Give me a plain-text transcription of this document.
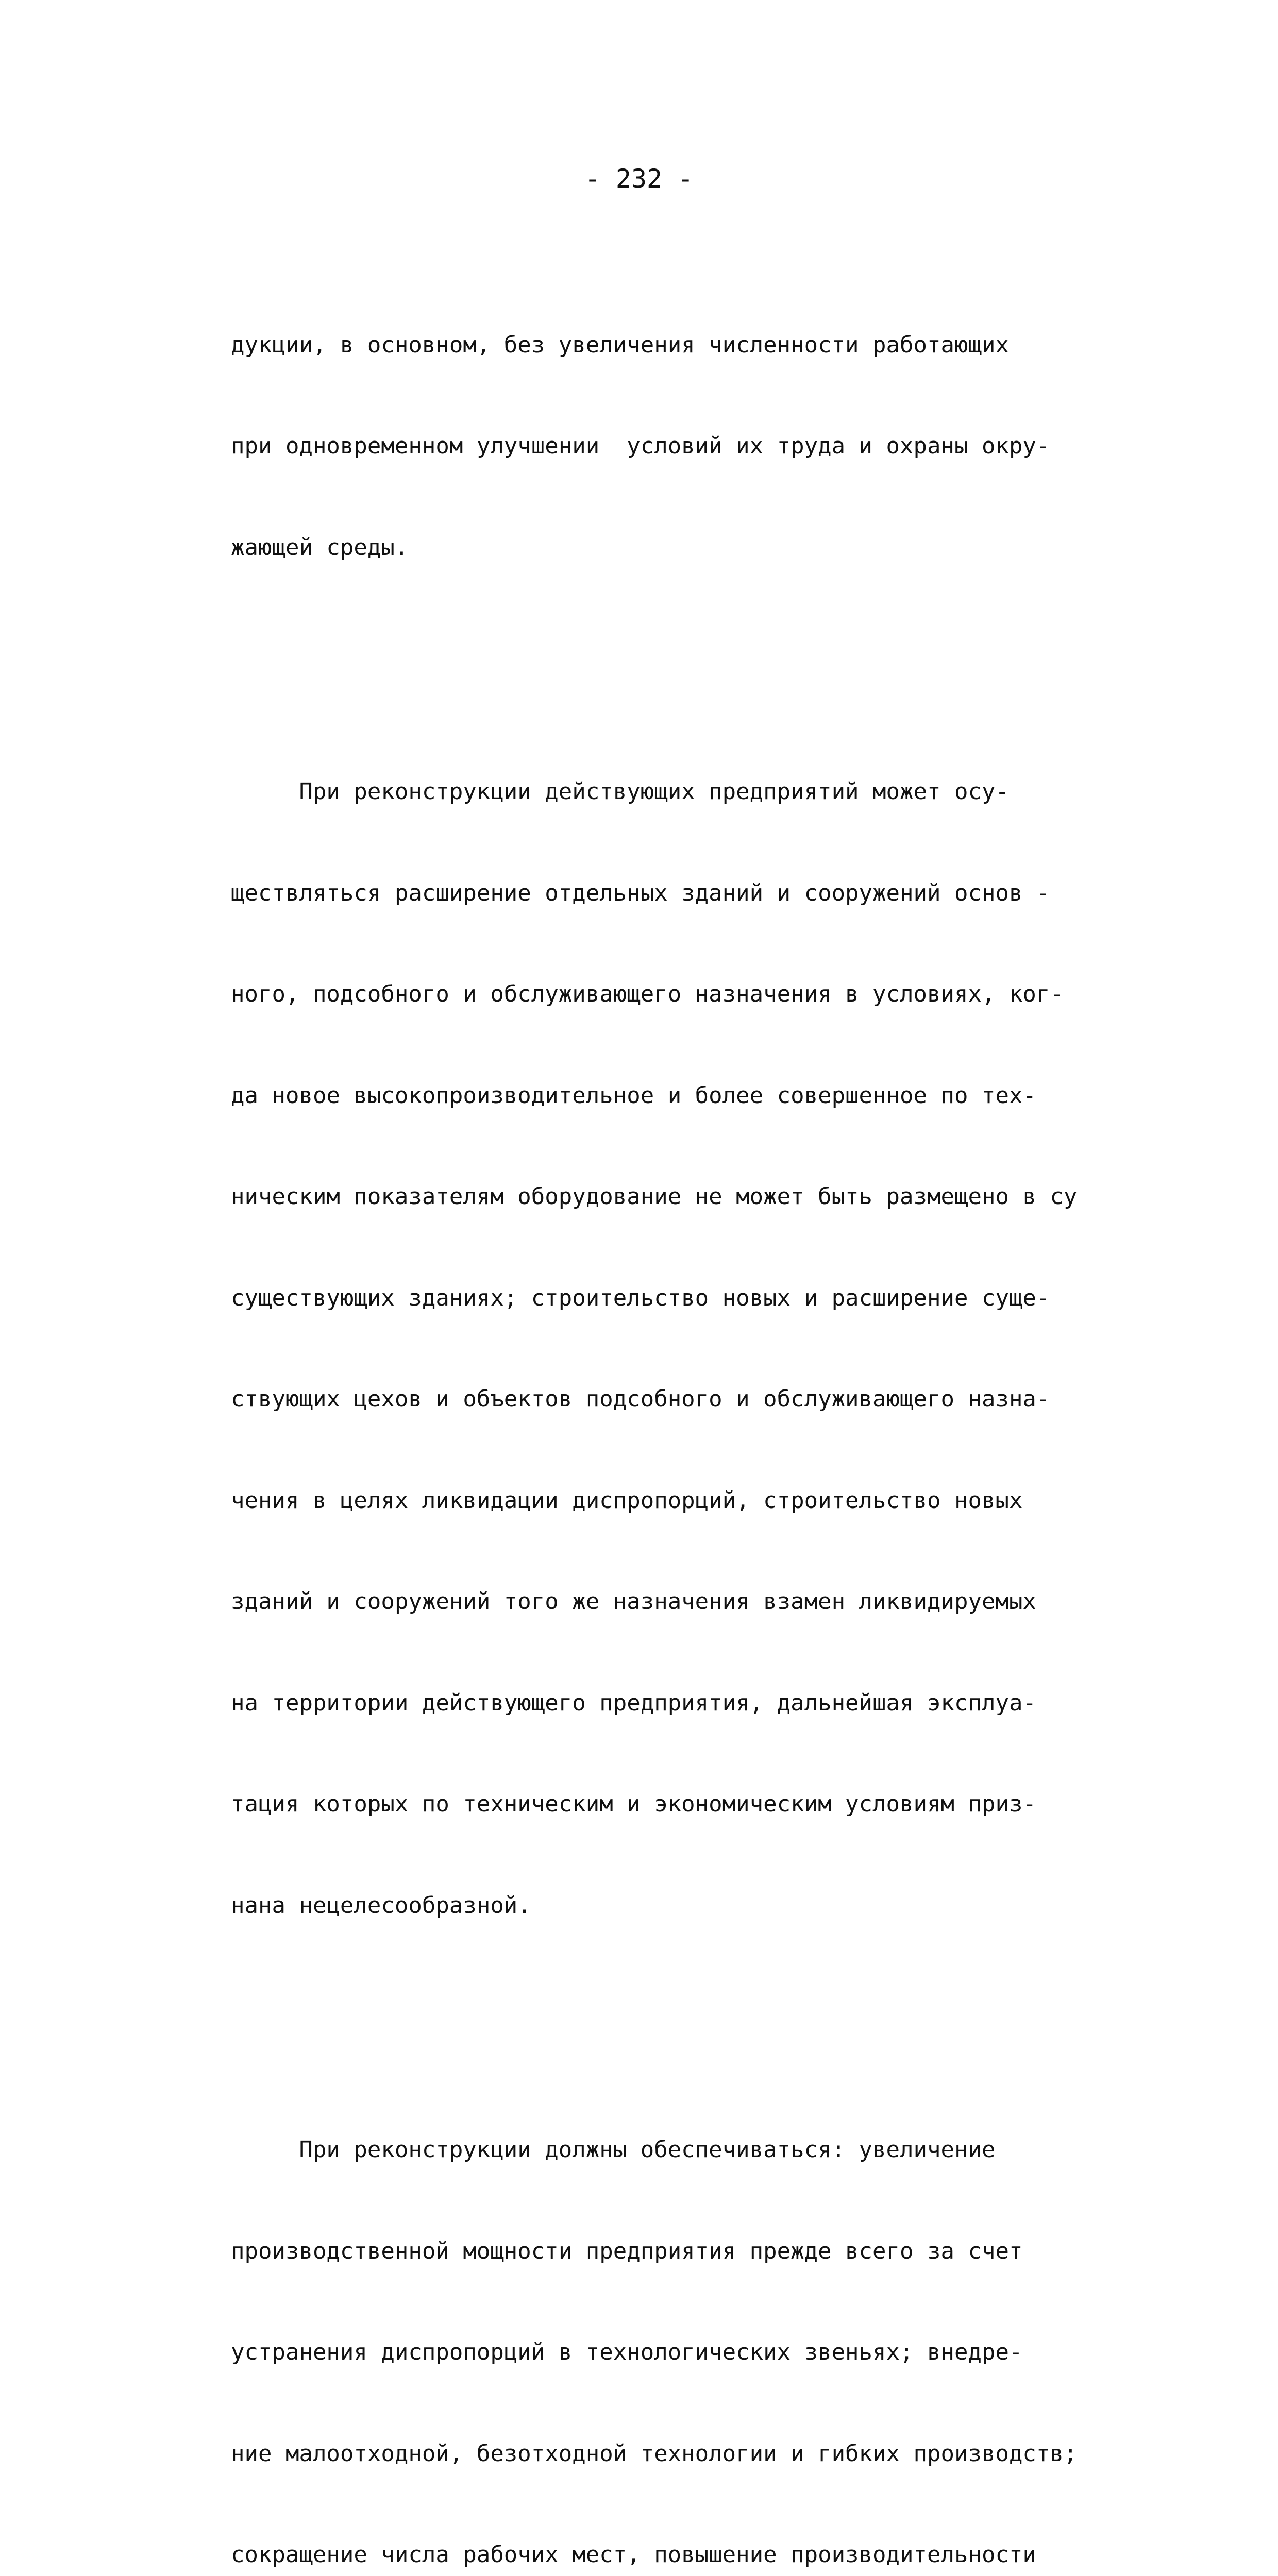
- 232 -

дукции, в основном, без увеличения численности работающих

при одновременном улучшении  условий их труда и охраны окру-

жающей среды.

При реконструкции действующих предприятий может осу-

ществляться расширение отдельных зданий и сооружений основ -

ного, подсобного и обслуживающего назначения в условиях, ког-

да новое высокопроизводительное и более совершенное по тех-

ническим показателям оборудование не может быть размещено в су

существующих зданиях; строительство новых и расширение суще-

ствующих цехов и объектов подсобного и обслуживающего назна-

чения в целях ликвидации диспропорций, строительство новых

зданий и сооружений того же назначения взамен ликвидируемых

на территории действующего предприятия, дальнейшая эксплуа-

тация которых по техническим и экономическим условиям приз-

нана нецелесообразной.

При реконструкции должны обеспечиваться: увеличение

производственной мощности предприятия прежде всего за счет

устранения диспропорций в технологических звеньях; внедре-

ние малоотходной, безотходной технологии и гибких производств;

сокращение числа рабочих мест, повышение производительности
